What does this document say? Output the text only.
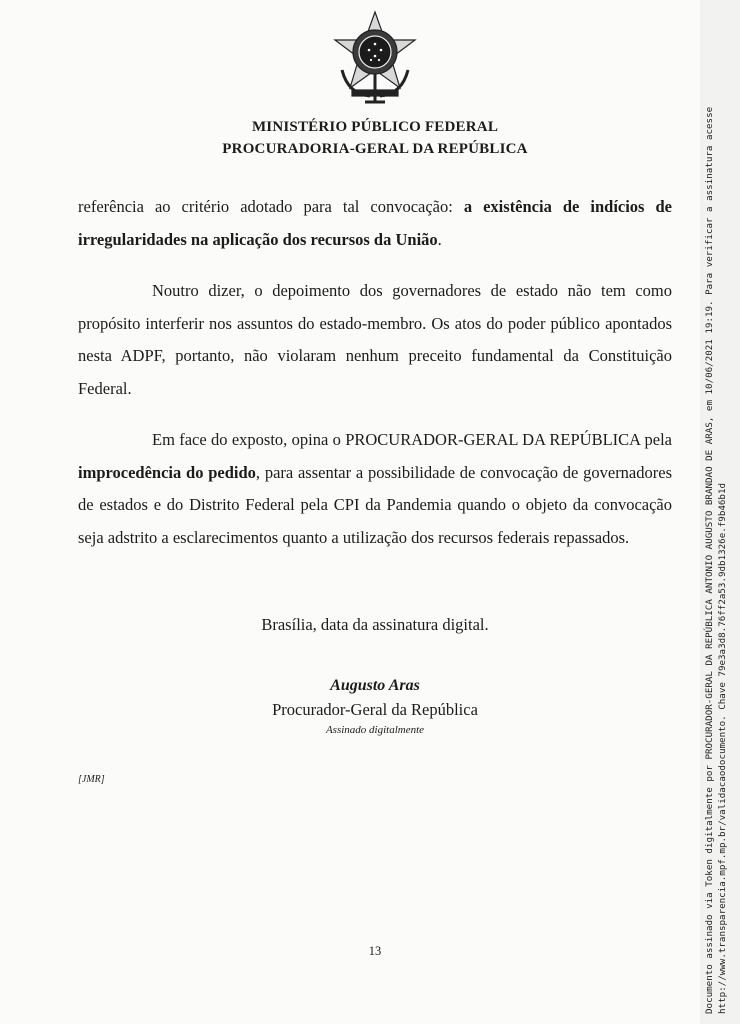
MINISTÉRIO PÚBLICO FEDERAL
PROCURADORIA-GERAL DA REPÚBLICA

referência ao critério adotado para tal convocação: a existência de indícios de irregularidades na aplicação dos recursos da União.

Noutro dizer, o depoimento dos governadores de estado não tem como propósito interferir nos assuntos do estado-membro. Os atos do poder público apontados nesta ADPF, portanto, não violaram nenhum preceito fundamental da Constituição Federal.

Em face do exposto, opina o PROCURADOR-GERAL DA REPÚBLICA pela improcedência do pedido, para assentar a possibilidade de convocação de governadores de estados e do Distrito Federal pela CPI da Pandemia quando o objeto da convocação seja adstrito a esclarecimentos quanto a utilização dos recursos federais repassados.

Brasília, data da assinatura digital.

Augusto Aras

Procurador-Geral da República

Assinado digitalmente

[JMR]
13	Documento assinado via Token digitalmente por PROCURADOR-GERAL DA REPÚBLICA ANTONIO AUGUSTO BRANDAO DE ARAS, em 10/06/2021 19:19. Para verificar a assinatura acesse http://www.transparencia.mpf.mp.br/validacaodocumento. Chave 79e3a3d8.76ff2a53.9db1326e.f9b46b1d
